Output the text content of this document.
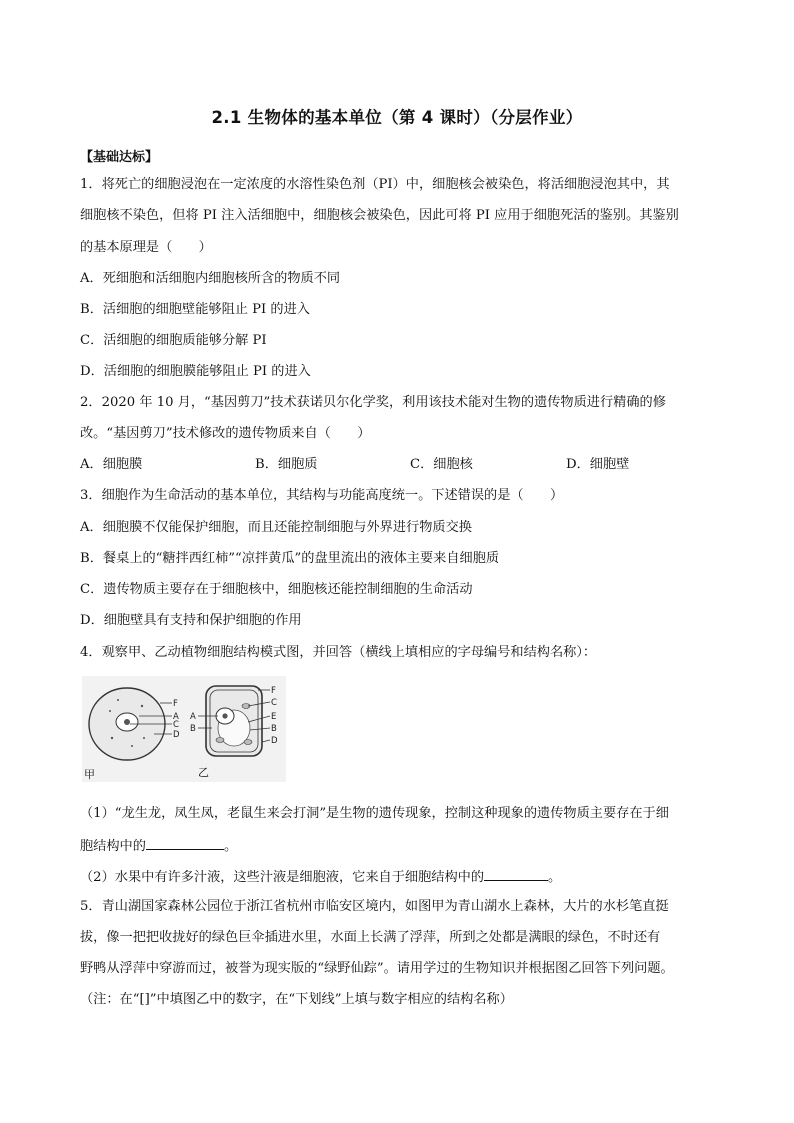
2.1 生物体的基本单位（第 4 课时）（分层作业）
【基础达标】
1．将死亡的细胞浸泡在一定浓度的水溶性染色剂（PI）中，细胞核会被染色，将活细胞浸泡其中，其
细胞核不染色，但将 PI 注入活细胞中，细胞核会被染色，因此可将 PI 应用于细胞死活的鉴别。其鉴别
的基本原理是（　　）
A．死细胞和活细胞内细胞核所含的物质不同
B．活细胞的细胞壁能够阻止 PI 的进入
C．活细胞的细胞质能够分解 PI
D．活细胞的细胞膜能够阻止 PI 的进入
2．2020 年 10 月，“基因剪刀”技术获诺贝尔化学奖，利用该技术能对生物的遗传物质进行精确的修
改。“基因剪刀”技术修改的遗传物质来自（　　）
A．细胞膜	B．细胞质	C．细胞核	D．细胞壁
3．细胞作为生命活动的基本单位，其结构与功能高度统一。下述错误的是（　　）
A．细胞膜不仅能保护细胞，而且还能控制细胞与外界进行物质交换
B．餐桌上的“糖拌西红柿”“凉拌黄瓜”的盘里流出的液体主要来自细胞质
C．遗传物质主要存在于细胞核中，细胞核还能控制细胞的生命活动
D．细胞壁具有支持和保护细胞的作用
4．观察甲、乙动植物细胞结构模式图，并回答（横线上填相应的字母编号和结构名称）：
F
A
C
D
F
C
E
B
D
A
B
甲	乙
（1）“龙生龙，凤生凤，老鼠生来会打洞”是生物的遗传现象，控制这种现象的遗传物质主要存在于细
胞结构中的	。
（2）水果中有许多汁液，这些汁液是细胞液，它来自于细胞结构中的	。
5．青山湖国家森林公园位于浙江省杭州市临安区境内，如图甲为青山湖水上森林，大片的水杉笔直挺
拔，像一把把收拢好的绿色巨伞插进水里，水面上长满了浮萍，所到之处都是满眼的绿色，不时还有
野鸭从浮萍中穿游而过，被誉为现实版的“绿野仙踪”。请用学过的生物知识并根据图乙回答下列问题。
（注：在“[]”中填图乙中的数字，在“下划线”上填与数字相应的结构名称）
